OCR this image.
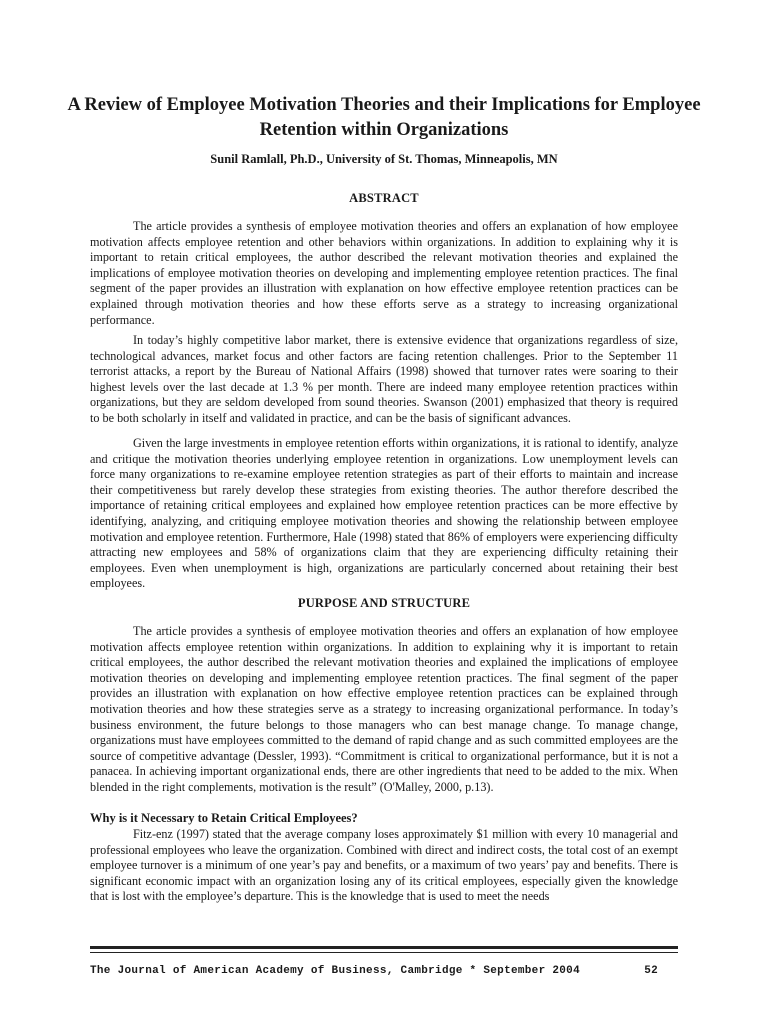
A Review of Employee Motivation Theories and their Implications for Employee Retention within Organizations

Sunil Ramlall, Ph.D., University of St. Thomas, Minneapolis, MN

ABSTRACT

The article provides a synthesis of employee motivation theories and offers an explanation of how employee motivation affects employee retention and other behaviors within organizations. In addition to explaining why it is important to retain critical employees, the author described the relevant motivation theories and explained the implications of employee motivation theories on developing and implementing employee retention practices. The final segment of the paper provides an illustration with explanation on how effective employee retention practices can be explained through motivation theories and how these efforts serve as a strategy to increasing organizational performance.

In today’s highly competitive labor market, there is extensive evidence that organizations regardless of size, technological advances, market focus and other factors are facing retention challenges. Prior to the September 11 terrorist attacks, a report by the Bureau of National Affairs (1998) showed that turnover rates were soaring to their highest levels over the last decade at 1.3 % per month. There are indeed many employee retention practices within organizations, but they are seldom developed from sound theories. Swanson (2001) emphasized that theory is required to be both scholarly in itself and validated in practice, and can be the basis of significant advances.

Given the large investments in employee retention efforts within organizations, it is rational to identify, analyze and critique the motivation theories underlying employee retention in organizations. Low unemployment levels can force many organizations to re-examine employee retention strategies as part of their efforts to maintain and increase their competitiveness but rarely develop these strategies from existing theories. The author therefore described the importance of retaining critical employees and explained how employee retention practices can be more effective by identifying, analyzing, and critiquing employee motivation theories and showing the relationship between employee motivation and employee retention. Furthermore, Hale (1998) stated that 86% of employers were experiencing difficulty attracting new employees and 58% of organizations claim that they are experiencing difficulty retaining their employees. Even when unemployment is high, organizations are particularly concerned about retaining their best employees.

PURPOSE AND STRUCTURE

The article provides a synthesis of employee motivation theories and offers an explanation of how employee motivation affects employee retention within organizations. In addition to explaining why it is important to retain critical employees, the author described the relevant motivation theories and explained the implications of employee motivation theories on developing and implementing employee retention practices. The final segment of the paper provides an illustration with explanation on how effective employee retention practices can be explained through motivation theories and how these strategies serve as a strategy to increasing organizational performance. In today’s business environment, the future belongs to those managers who can best manage change. To manage change, organizations must have employees committed to the demand of rapid change and as such committed employees are the source of competitive advantage (Dessler, 1993). “Commitment is critical to organizational performance, but it is not a panacea. In achieving important organizational ends, there are other ingredients that need to be added to the mix. When blended in the right complements, motivation is the result” (O'Malley, 2000, p.13).

Why is it Necessary to Retain Critical Employees?

Fitz-enz (1997) stated that the average company loses approximately $1 million with every 10 managerial and professional employees who leave the organization. Combined with direct and indirect costs, the total cost of an exempt employee turnover is a minimum of one year’s pay and benefits, or a maximum of two years’ pay and benefits. There is significant economic impact with an organization losing any of its critical employees, especially given the knowledge that is lost with the employee’s departure. This is the knowledge that is used to meet the needs

The Journal of American Academy of Business, Cambridge * September 2004	52
